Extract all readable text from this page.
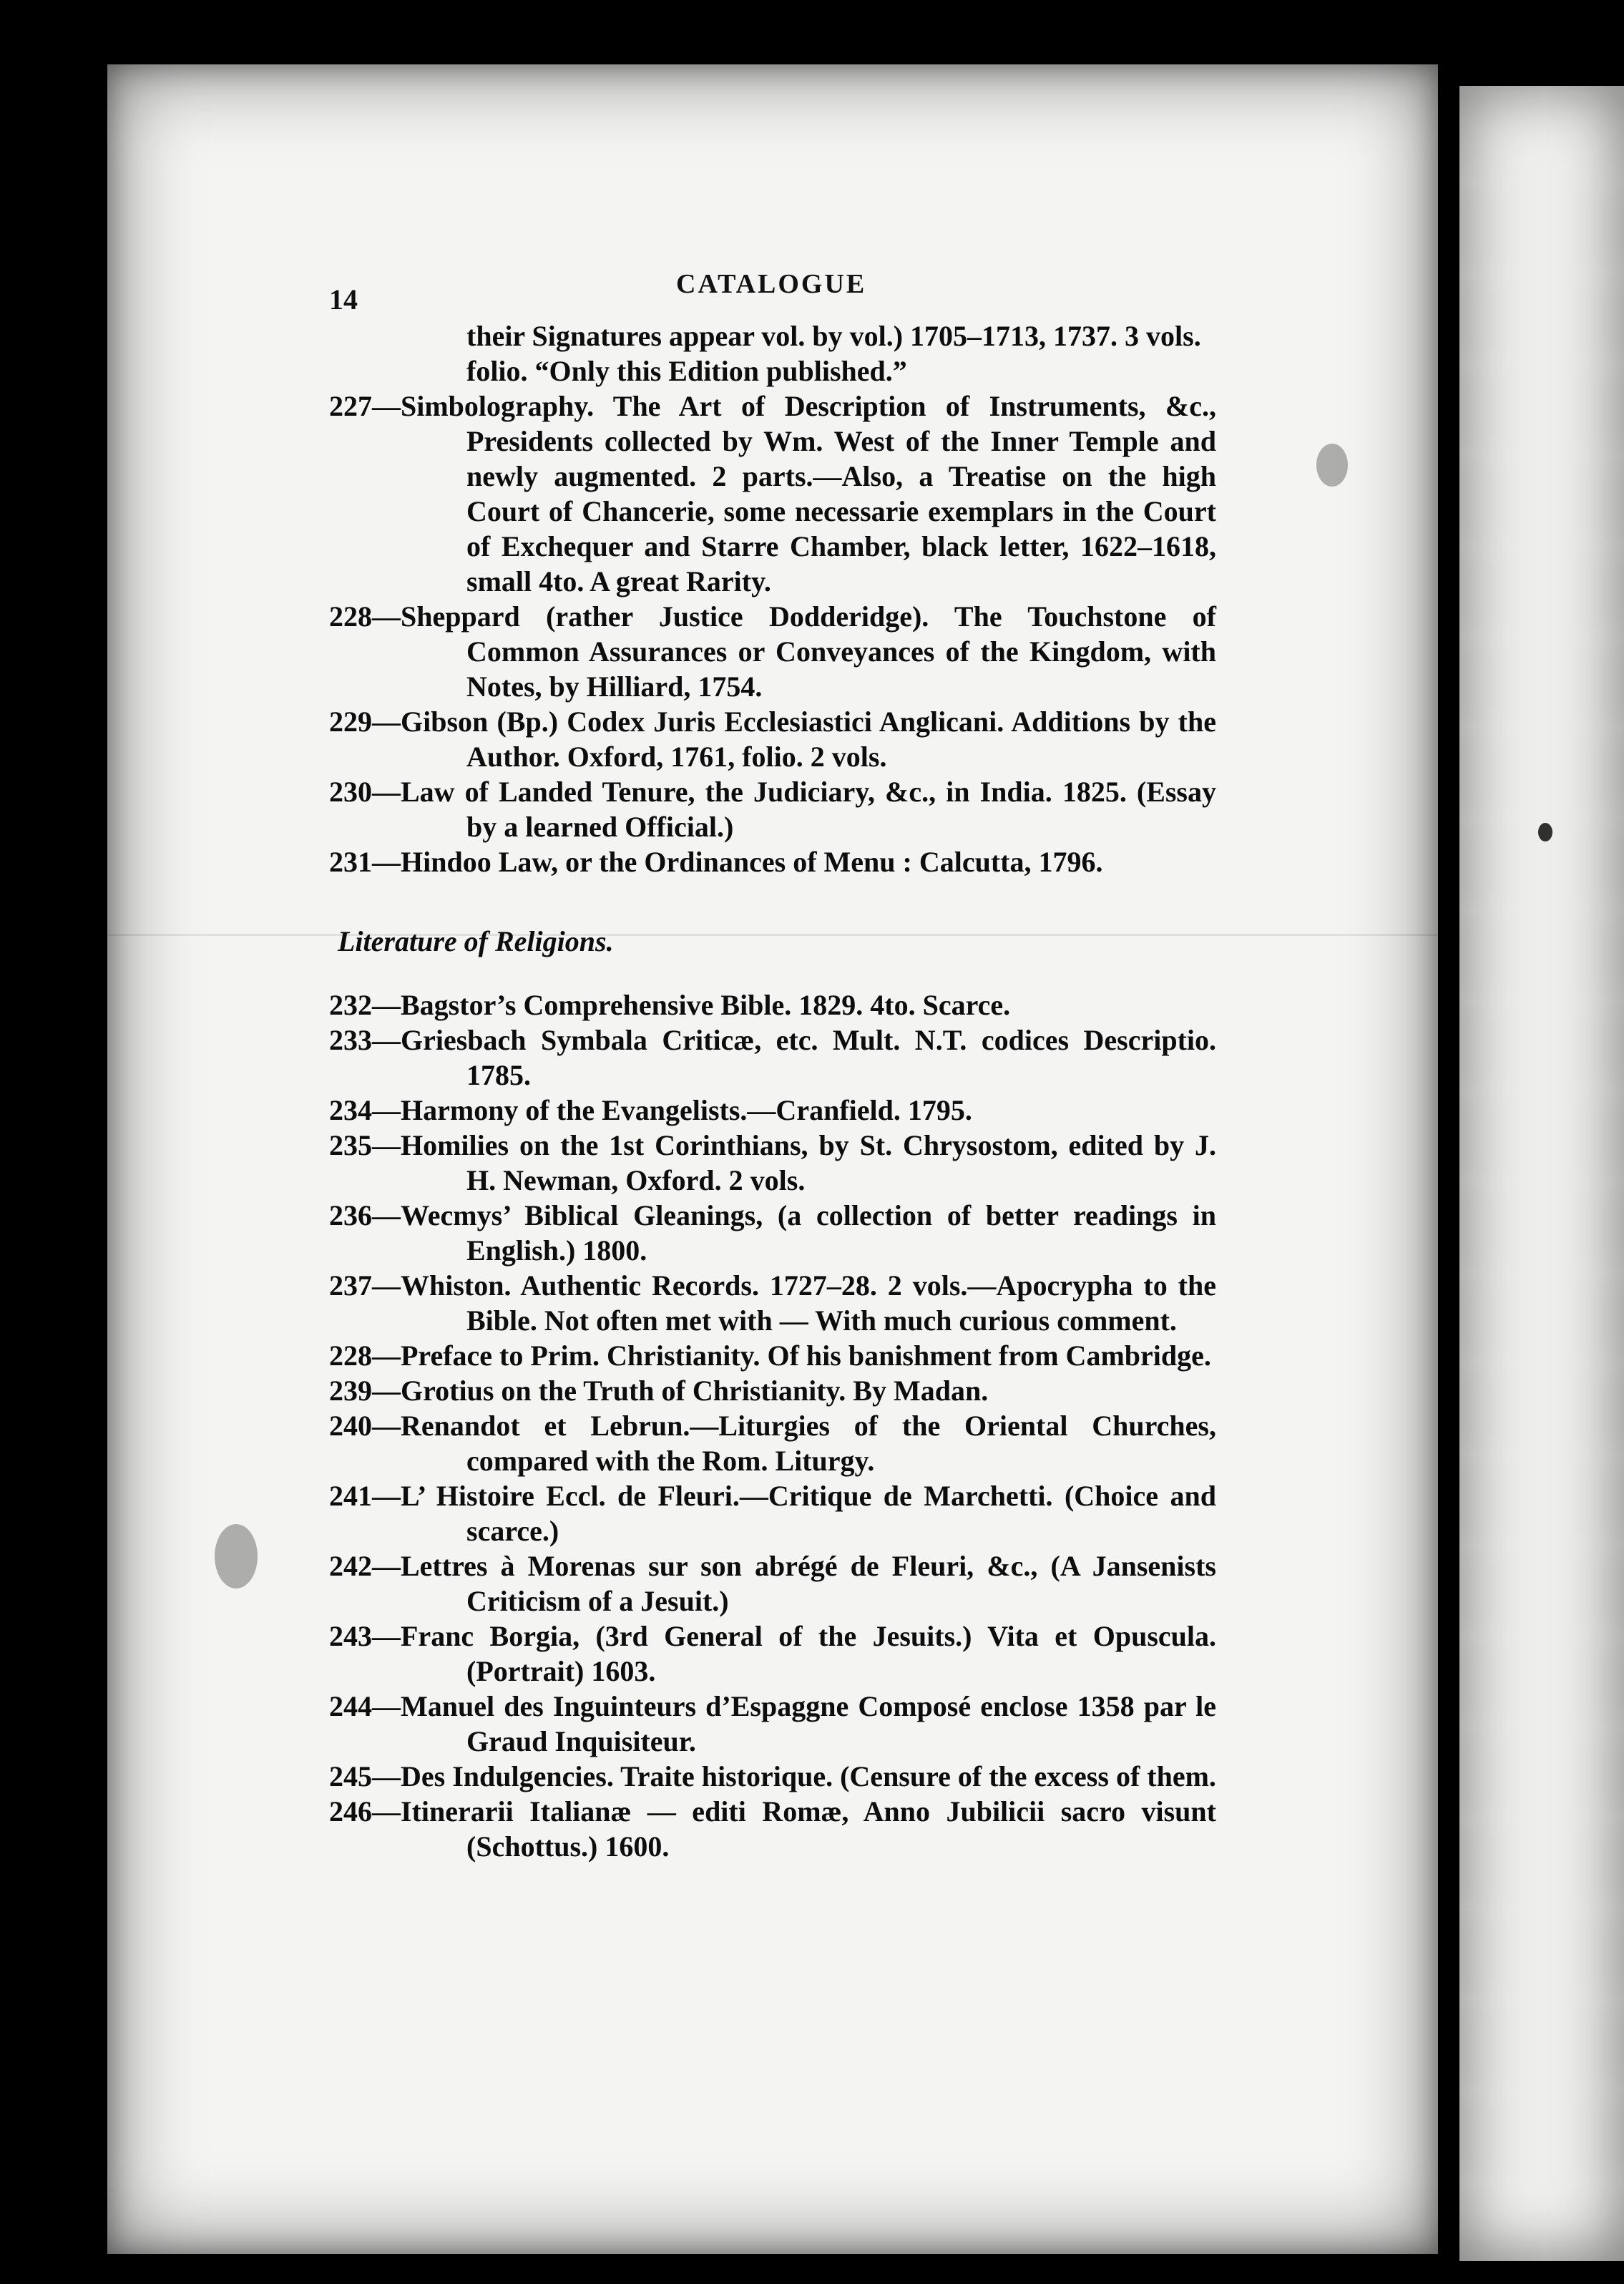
14	CATALOGUE
their Signatures appear vol. by vol.) 1705–1713, 1737. 3 vols. folio. “Only this Edition published.”
227—Simbolography. The Art of Description of Instruments, &c., Presidents collected by Wm. West of the Inner Temple and newly augmented. 2 parts.—Also, a Treatise on the high Court of Chancerie, some necessarie exemplars in the Court of Exchequer and Starre Chamber, black letter, 1622–1618, small 4to. A great Rarity.
228—Sheppard (rather Justice Dodderidge). The Touchstone of Common Assurances or Conveyances of the Kingdom, with Notes, by Hilliard, 1754.
229—Gibson (Bp.) Codex Juris Ecclesiastici Anglicani. Additions by the Author. Oxford, 1761, folio. 2 vols.
230—Law of Landed Tenure, the Judiciary, &c., in India. 1825. (Essay by a learned Official.)
231—Hindoo Law, or the Ordinances of Menu : Calcutta, 1796.
Literature of Religions.
232—Bagstor’s Comprehensive Bible. 1829. 4to. Scarce.
233—Griesbach Symbala Criticæ, etc. Mult. N.T. codices Descriptio. 1785.
234—Harmony of the Evangelists.—Cranfield. 1795.
235—Homilies on the 1st Corinthians, by St. Chrysostom, edited by J. H. Newman, Oxford. 2 vols.
236—Wecmys’ Biblical Gleanings, (a collection of better readings in English.) 1800.
237—Whiston. Authentic Records. 1727–28. 2 vols.—Apocrypha to the Bible. Not often met with — With much curious comment.
228—Preface to Prim. Christianity. Of his banishment from Cambridge.
239—Grotius on the Truth of Christianity. By Madan.
240—Renandot et Lebrun.—Liturgies of the Oriental Churches, compared with the Rom. Liturgy.
241—L’ Histoire Eccl. de Fleuri.—Critique de Marchetti. (Choice and scarce.)
242—Lettres à Morenas sur son abrégé de Fleuri, &c., (A Jansenists Criticism of a Jesuit.)
243—Franc Borgia, (3rd General of the Jesuits.) Vita et Opuscula. (Portrait) 1603.
244—Manuel des Inguinteurs d’Espaggne Composé enclose 1358 par le Graud Inquisiteur.
245—Des Indulgencies. Traite historique. (Censure of the excess of them.
246—Itinerarii Italianæ — editi Romæ, Anno Jubilicii sacro visunt (Schottus.) 1600.
